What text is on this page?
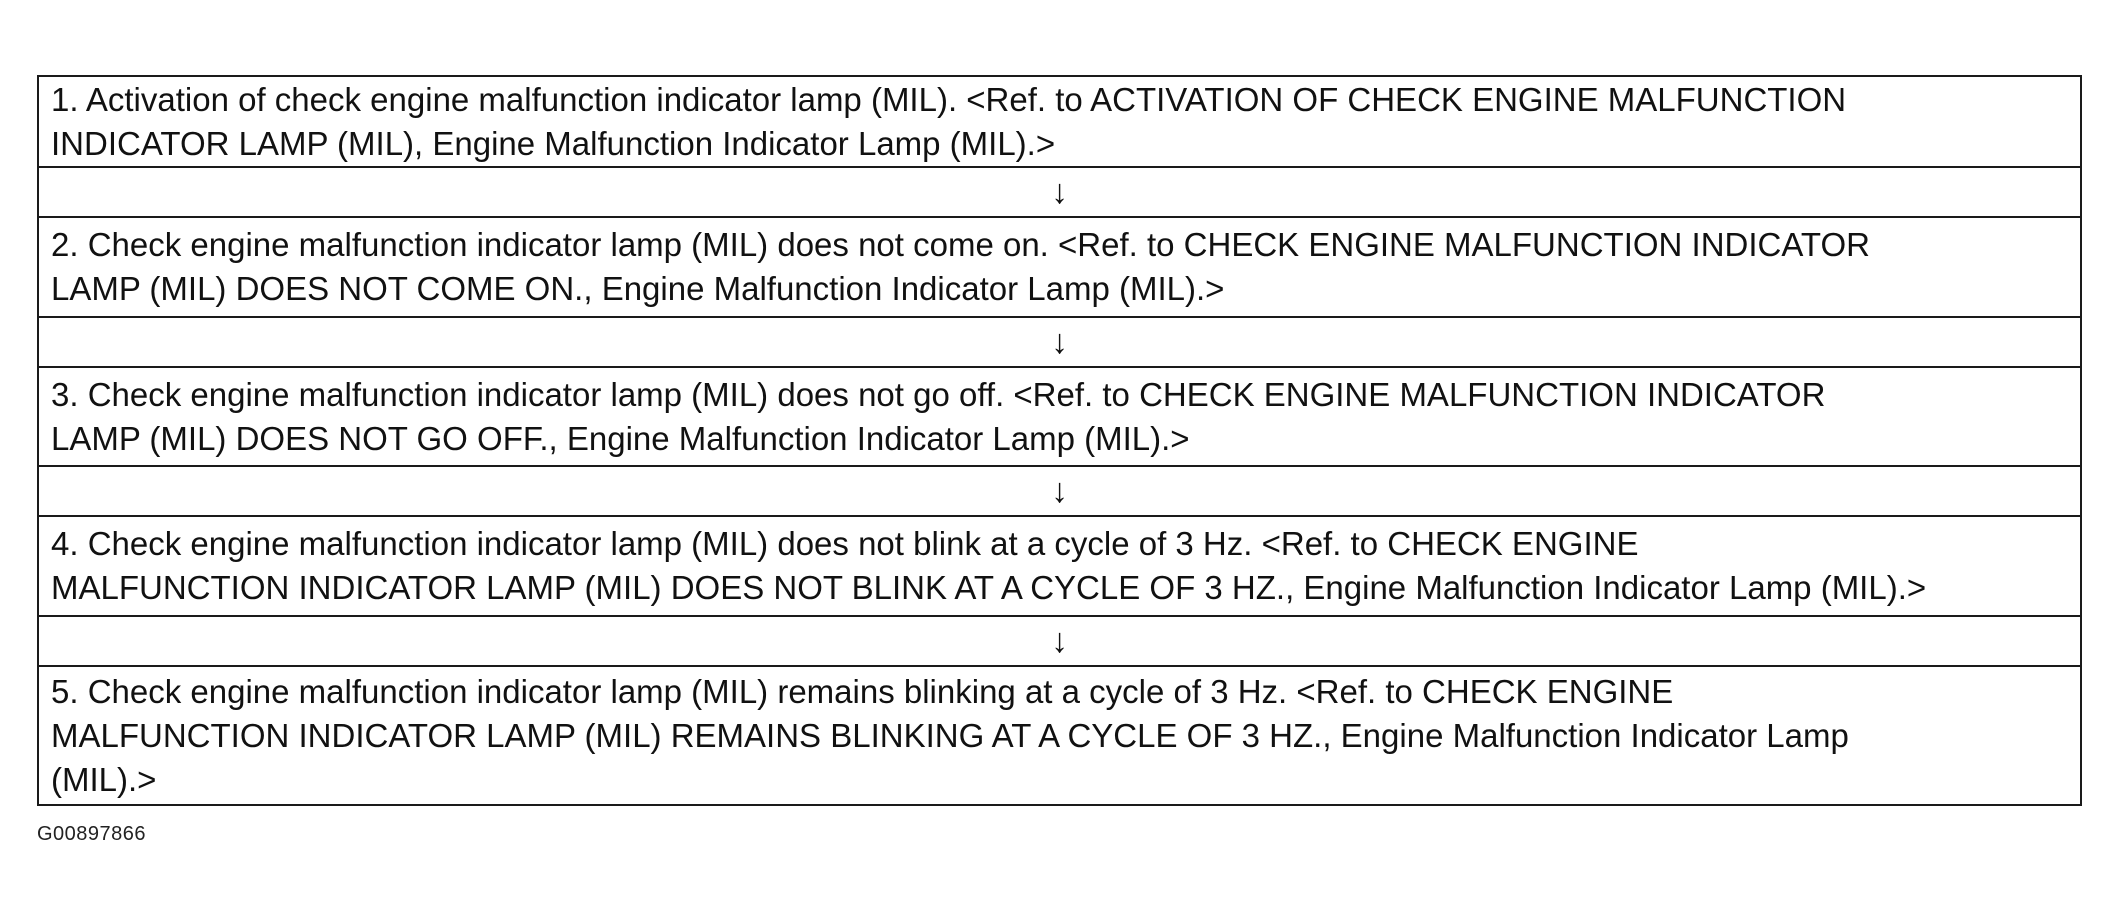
1. Activation of check engine malfunction indicator lamp (MIL). <Ref. to ACTIVATION OF CHECK ENGINE MALFUNCTION
INDICATOR LAMP (MIL), Engine Malfunction Indicator Lamp (MIL).>
↓
2. Check engine malfunction indicator lamp (MIL) does not come on. <Ref. to CHECK ENGINE MALFUNCTION INDICATOR
LAMP (MIL) DOES NOT COME ON., Engine Malfunction Indicator Lamp (MIL).>
↓
3. Check engine malfunction indicator lamp (MIL) does not go off. <Ref. to CHECK ENGINE MALFUNCTION INDICATOR
LAMP (MIL) DOES NOT GO OFF., Engine Malfunction Indicator Lamp (MIL).>
↓
4. Check engine malfunction indicator lamp (MIL) does not blink at a cycle of 3 Hz. <Ref. to CHECK ENGINE
MALFUNCTION INDICATOR LAMP (MIL) DOES NOT BLINK AT A CYCLE OF 3 HZ., Engine Malfunction Indicator Lamp (MIL).>
↓
5. Check engine malfunction indicator lamp (MIL) remains blinking at a cycle of 3 Hz. <Ref. to CHECK ENGINE
MALFUNCTION INDICATOR LAMP (MIL) REMAINS BLINKING AT A CYCLE OF 3 HZ., Engine Malfunction Indicator Lamp
(MIL).>
G00897866
